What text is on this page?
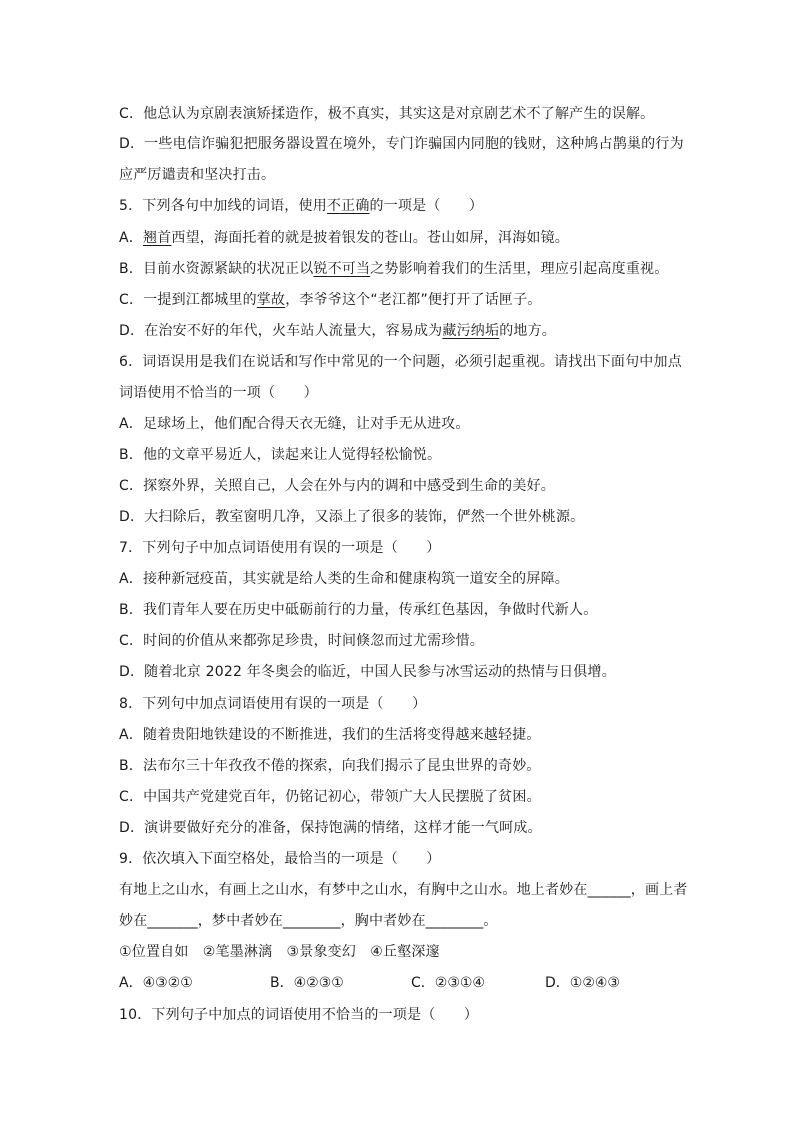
C．他总认为京剧表演矫揉造作，极不真实，其实这是对京剧艺术不了解产生的误解。
D．一些电信诈骗犯把服务器设置在境外，专门诈骗国内同胞的钱财，这种鸠占鹊巢的行为
应严厉谴责和坚决打击。
5．下列各句中加线的词语，使用不正确的一项是（　　）
A．翘首西望，海面托着的就是披着银发的苍山。苍山如屏，洱海如镜。
B．目前水资源紧缺的状况正以锐不可当之势影响着我们的生活里，理应引起高度重视。
C．一提到江都城里的掌故，李爷爷这个“老江都”便打开了话匣子。
D．在治安不好的年代，火车站人流量大，容易成为藏污纳垢的地方。
6．词语误用是我们在说话和写作中常见的一个问题，必须引起重视。请找出下面句中加点
词语使用不恰当的一项（　　）
A．足球场上，他们配合得天衣无缝，让对手无从进攻。
B．他的文章平易近人，读起来让人觉得轻松愉悦。
C．探察外界，关照自己，人会在外与内的调和中感受到生命的美好。
D．大扫除后，教室窗明几净，又添上了很多的装饰，俨然一个世外桃源。
7．下列句子中加点词语使用有误的一项是（　　）
A．接种新冠疫苗，其实就是给人类的生命和健康构筑一道安全的屏障。
B．我们青年人要在历史中砥砺前行的力量，传承红色基因，争做时代新人。
C．时间的价值从来都弥足珍贵，时间倏忽而过尤需珍惜。
D．随着北京 2022 年冬奥会的临近，中国人民参与冰雪运动的热情与日俱增。
8．下列句中加点词语使用有误的一项是（　　）
A．随着贵阳地铁建设的不断推进，我们的生活将变得越来越轻捷。
B．法布尔三十年孜孜不倦的探索，向我们揭示了昆虫世界的奇妙。
C．中国共产党建党百年，仍铭记初心，带领广大人民摆脱了贫困。
D．演讲要做好充分的准备，保持饱满的情绪，这样才能一气呵成。
9．依次填入下面空格处，最恰当的一项是（　　）
有地上之山水，有画上之山水，有梦中之山水，有胸中之山水。地上者妙在______，画上者
妙在_______，梦中者妙在________，胸中者妙在________。
①位置自如　②笔墨淋漓　③景象变幻　④丘壑深邃
A．④③②①	B．④②③①	C．②③①④	D．①②④③
10．下列句子中加点的词语使用不恰当的一项是（　　）
